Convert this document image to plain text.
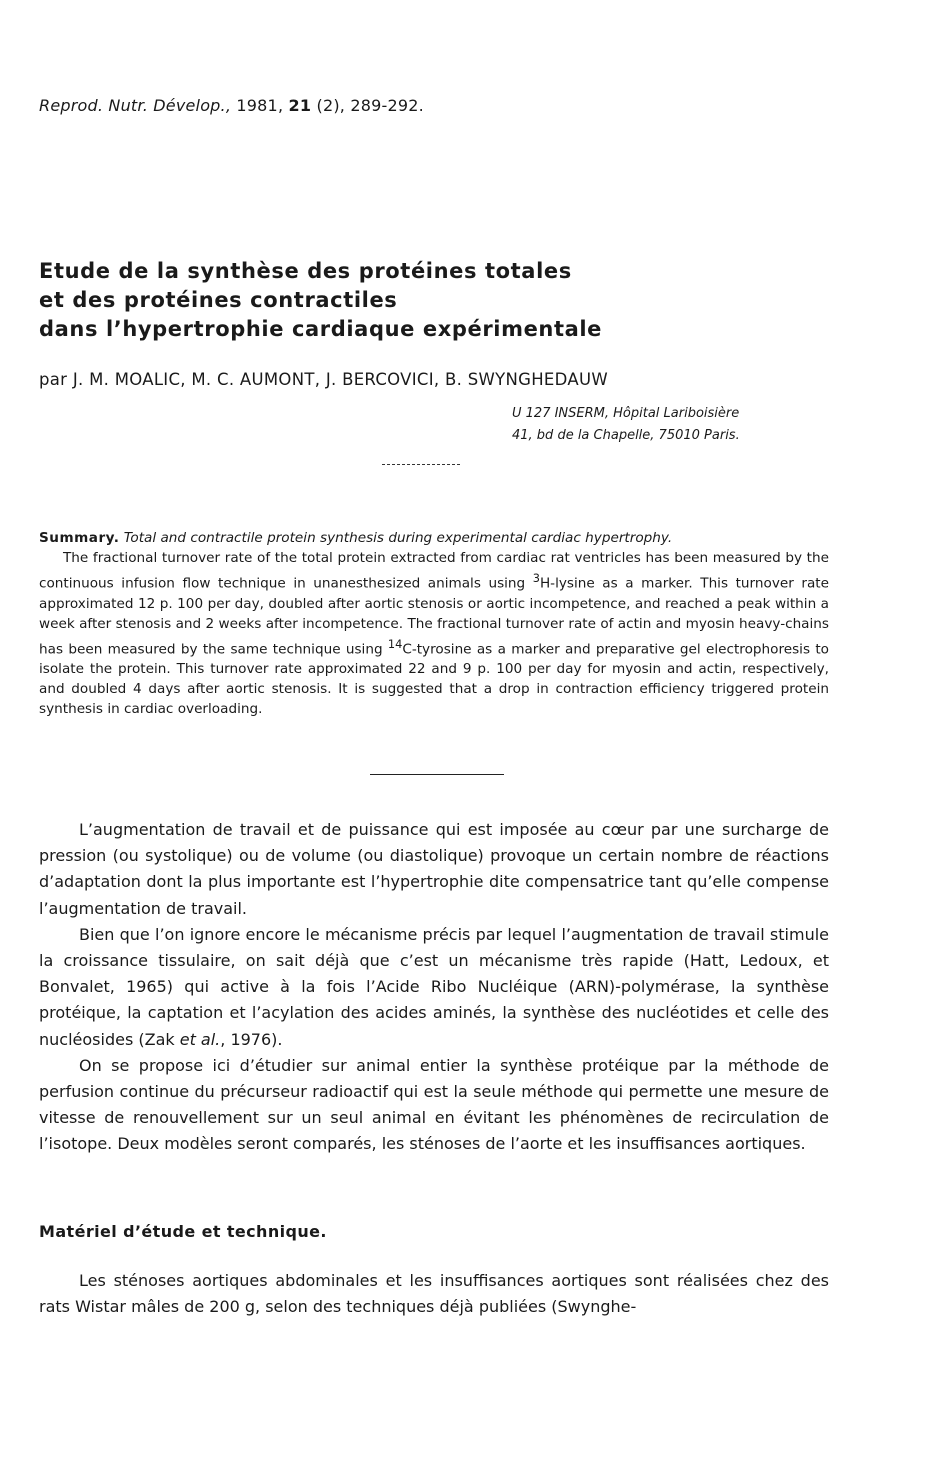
Reprod. Nutr. Dévelop., 1981, 21 (2), 289-292.
Etude de la synthèse des protéines totales
et des protéines contractiles
dans l’hypertrophie cardiaque expérimentale
par J. M. MOALIC, M. C. AUMONT, J. BERCOVICI, B. SWYNGHEDAUW
U 127 INSERM, Hôpital Lariboisière
41, bd de la Chapelle, 75010 Paris.

Summary. Total and contractile protein synthesis during experimental cardiac hypertrophy.

The fractional turnover rate of the total protein extracted from cardiac rat ventricles has been measured by the continuous infusion flow technique in unanesthesized animals using $^3$H-lysine as a marker. This turnover rate approximated 12 p. 100 per day, doubled after aortic stenosis or aortic incompetence, and reached a peak within a week after stenosis and 2 weeks after incompetence. The fractional turnover rate of actin and myosin heavy-chains has been measured by the same technique using $^{14}$C-tyrosine as a marker and preparative gel electrophoresis to isolate the protein. This turnover rate approximated 22 and 9 p. 100 per day for myosin and actin, respectively, and doubled 4 days after aortic stenosis. It is suggested that a drop in contraction efficiency triggered protein synthesis in cardiac overloading.

L’augmentation de travail et de puissance qui est imposée au cœur par une surcharge de pression (ou systolique) ou de volume (ou diastolique) provoque un certain nombre de réactions d’adaptation dont la plus importante est l’hypertrophie dite compensatrice tant qu’elle compense l’augmentation de travail.

Bien que l’on ignore encore le mécanisme précis par lequel l’augmentation de travail stimule la croissance tissulaire, on sait déjà que c’est un mécanisme très rapide (Hatt, Ledoux, et Bonvalet, 1965) qui active à la fois l’Acide Ribo Nucléique (ARN)-polymérase, la synthèse protéique, la captation et l’acylation des acides aminés, la synthèse des nucléotides et celle des nucléosides (Zak et al., 1976).

On se propose ici d’étudier sur animal entier la synthèse protéique par la méthode de perfusion continue du précurseur radioactif qui est la seule méthode qui permette une mesure de vitesse de renouvellement sur un seul animal en évitant les phénomènes de recirculation de l’isotope. Deux modèles seront comparés, les sténoses de l’aorte et les insuffisances aortiques.

Matériel d’étude et technique.

Les sténoses aortiques abdominales et les insuffisances aortiques sont réalisées chez des rats Wistar mâles de 200 g, selon des techniques déjà publiées (Swynghe-
